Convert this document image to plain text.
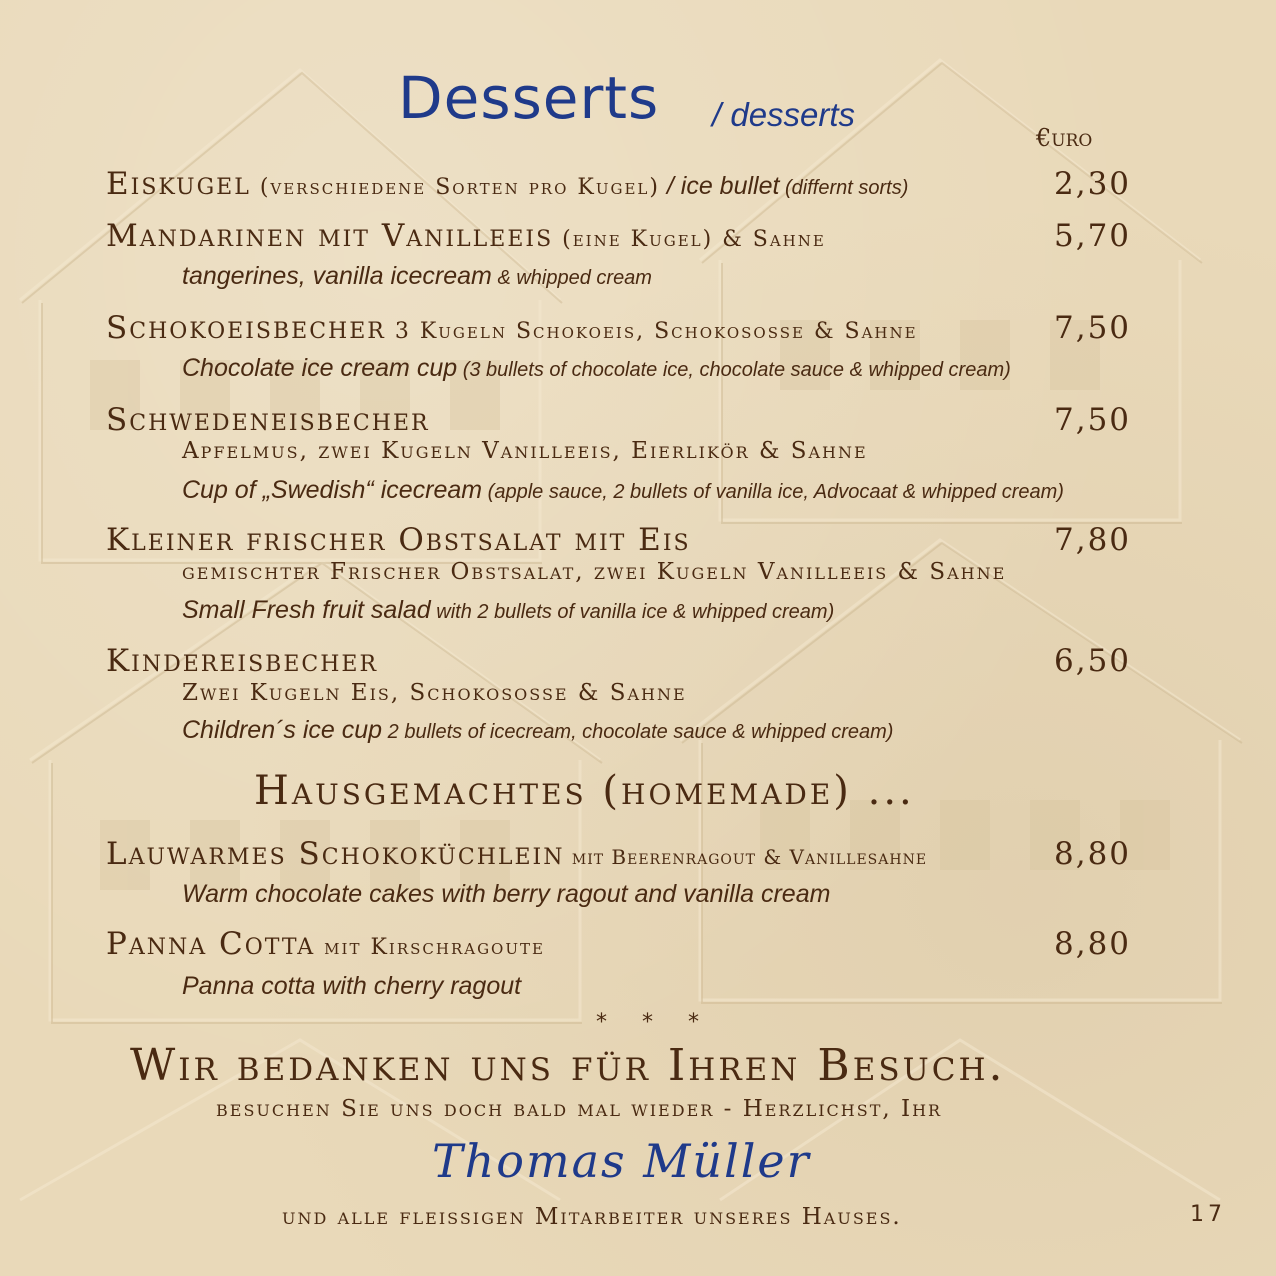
Desserts / desserts
€uro
Eiskugel (verschiedene Sorten pro Kugel) / ice bullet (differnt sorts)	2,30
Mandarinen mit Vanilleeis (eine Kugel) & Sahne	5,70
tangerines, vanilla icecream & whipped cream
Schokoeisbecher 3 Kugeln Schokoeis, Schokososse & Sahne	7,50
Chocolate ice cream cup (3 bullets of chocolate ice, chocolate sauce & whipped cream)
Schwedeneisbecher	7,50
Apfelmus, zwei Kugeln Vanilleeis, Eierlikör & Sahne
Cup of „Swedish“ icecream (apple sauce, 2 bullets of vanilla ice, Advocaat & whipped cream)
Kleiner frischer Obstsalat mit Eis	7,80
gemischter Frischer Obstsalat, zwei Kugeln Vanilleeis & Sahne
Small Fresh fruit salad with 2 bullets of vanilla ice & whipped cream)
Kindereisbecher	6,50
Zwei Kugeln Eis, Schokososse & Sahne
Children´s ice cup 2 bullets of icecream, chocolate sauce & whipped cream)
Hausgemachtes (homemade) ...
Lauwarmes Schokoküchlein mit Beerenragout & Vanillesahne	8,80
Warm chocolate cakes with berry ragout and vanilla cream
Panna Cotta mit Kirschragoute	8,80
Panna cotta with cherry ragout
* * *
Wir bedanken uns für Ihren Besuch.
besuchen Sie uns doch bald mal wieder - Herzlichst, Ihr
Thomas Müller
und alle fleissigen Mitarbeiter unseres Hauses.	17
